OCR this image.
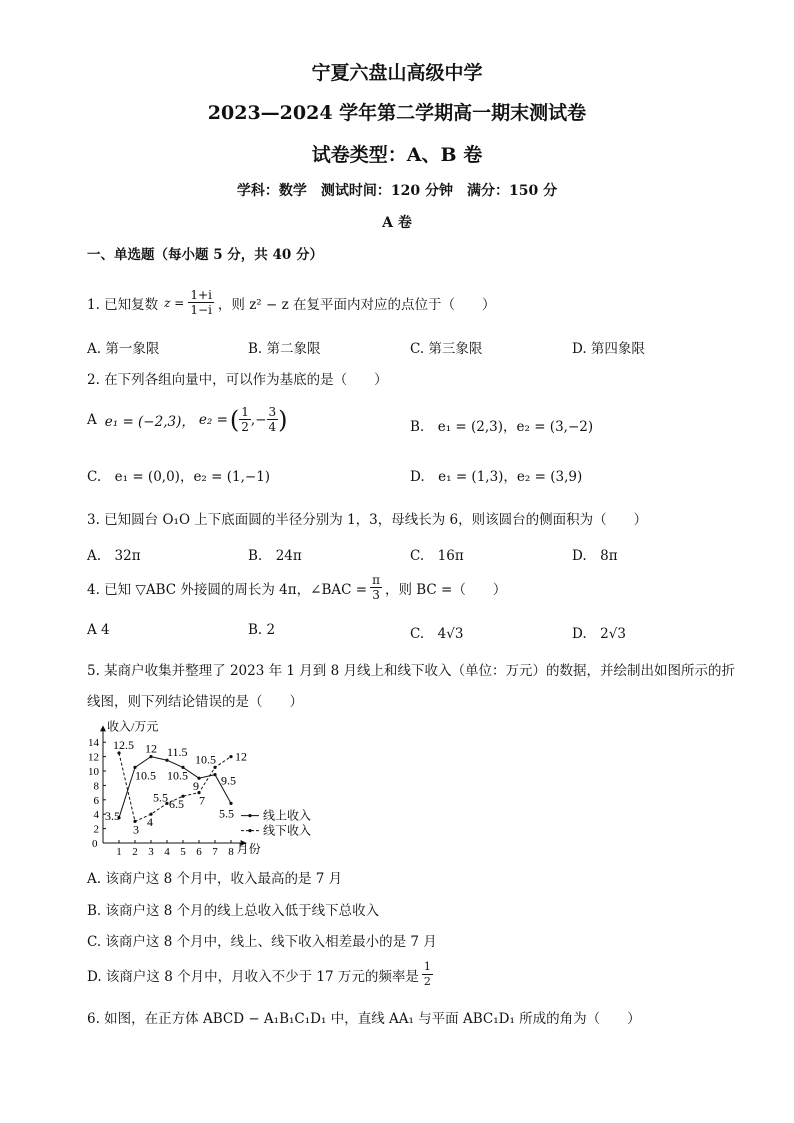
宁夏六盘山高级中学
2023—2024 学年第二学期高一期末测试卷
试卷类型：A、B 卷
学科：数学　测试时间：120 分钟　满分：150 分
A 卷
一、单选题（每小题 5 分，共 40 分）
1. 已知复数 $z = \frac{1+i}{1-i}$ ，则 z² − z 在复平面内对应的点位于（　　）
A. 第一象限	B. 第二象限	C. 第三象限	D. 第四象限
2. 在下列各组向量中，可以作为基底的是（　　）
A e₁ = (−2,3)， e₂ = ( $\frac{1}{2}$ ,− $\frac{3}{4}$ )	B.　e₁ = (2,3)，e₂ = (3,−2)
C.　e₁ = (0,0)，e₂ = (1,−1)	D.　e₁ = (1,3)，e₂ = (3,9)
3. 已知圆台 O₁O 上下底面圆的半径分别为 1，3，母线长为 6，则该圆台的侧面积为（　　）
A.　32π	B.　24π	C.　16π	D.　8π
4. 已知 ▽ABC 外接圆的周长为 4π，∠BAC = $\frac{\pi}{3}$ ，则 BC =（　　）
A 4	B. 2	C.　4√3	D.　2√3
5. 某商户收集并整理了 2023 年 1 月到 8 月线上和线下收入（单位：万元）的数据，并绘制出如图所示的折
线图，则下列结论错误的是（　　）
收入/万元
月份
0
2
4
6
8
10
12
14
1 2 3 4 5 6 7 8
3.5
10.5
12 11.5
10.5
9 9.5
5.5
12.5
3
4
5.5 6.5 7
10.5 12
线上收入
线下收入
A. 该商户这 8 个月中，收入最高的是 7 月
B. 该商户这 8 个月的线上总收入低于线下总收入
C. 该商户这 8 个月中，线上、线下收入相差最小的是 7 月
D. 该商户这 8 个月中，月收入不少于 17 万元的频率是 $\frac{1}{2}$
6. 如图，在正方体 ABCD − A₁B₁C₁D₁ 中，直线 AA₁ 与平面 ABC₁D₁ 所成的角为（　　）
